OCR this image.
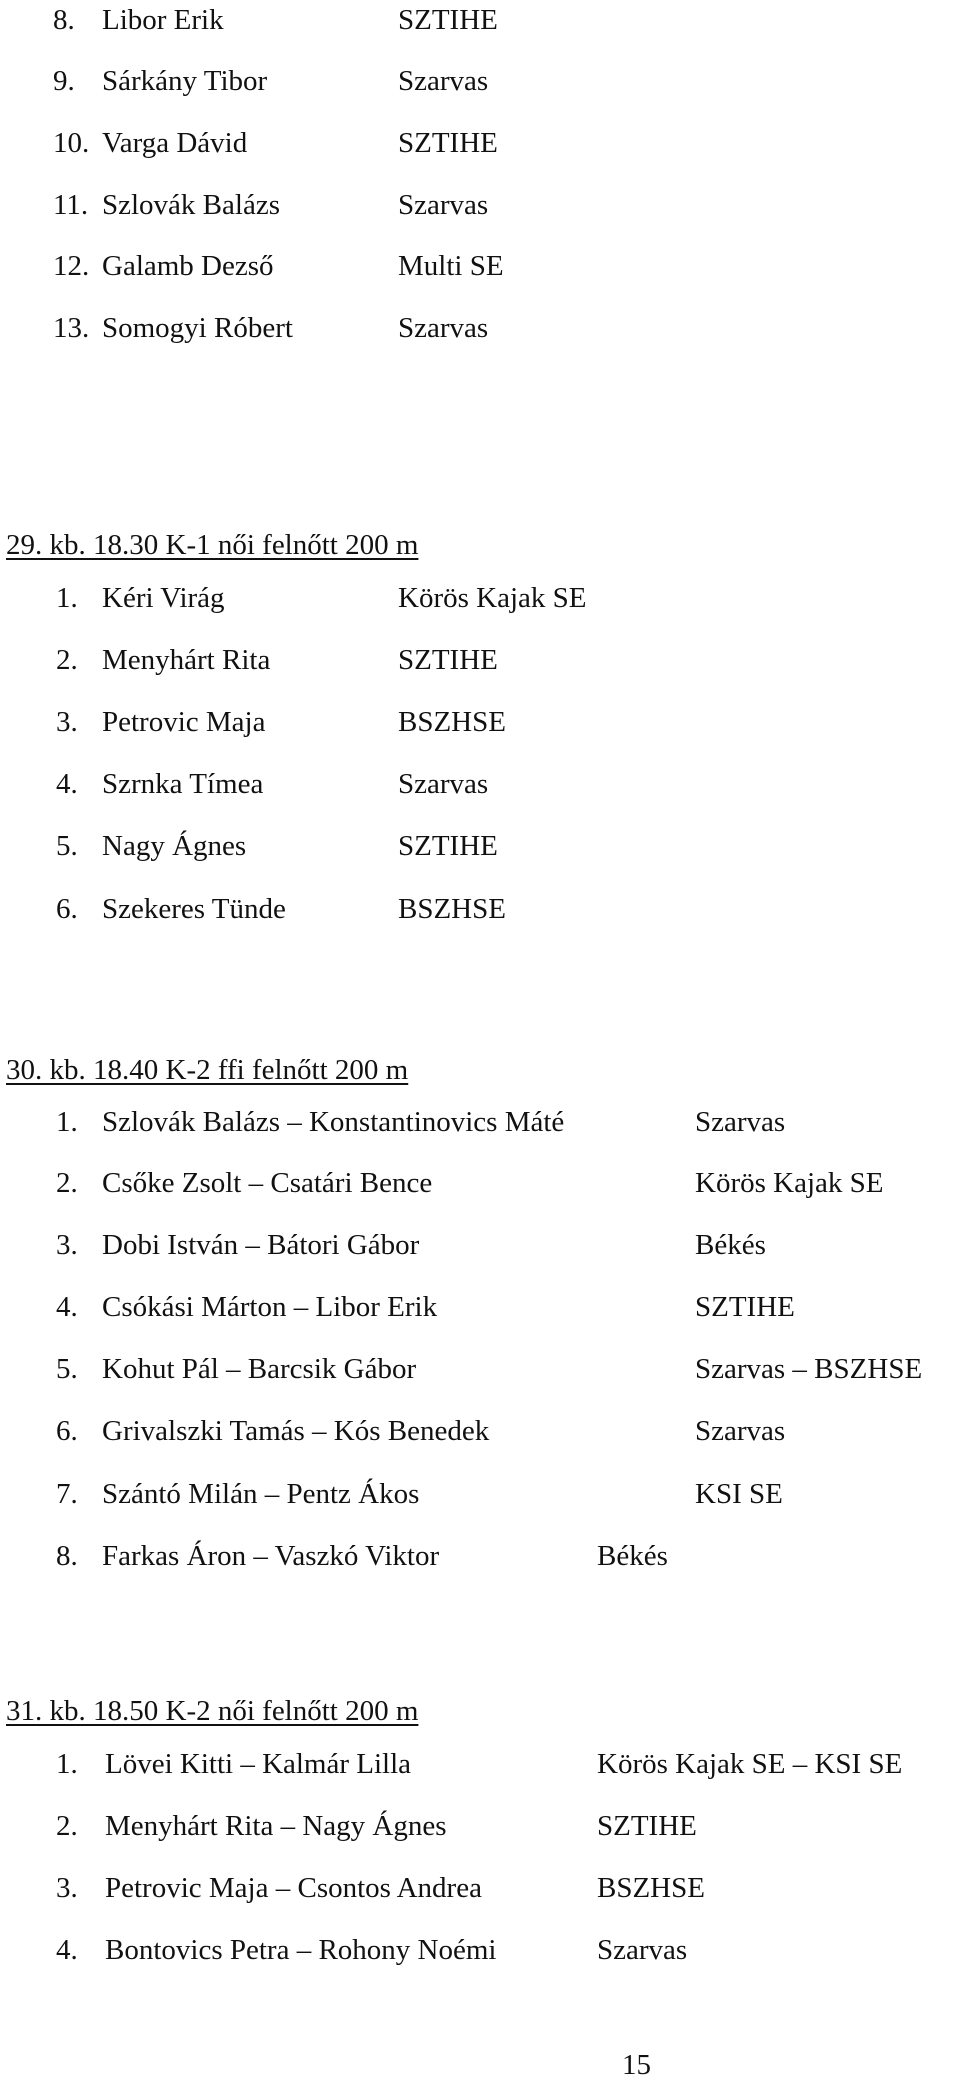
8. Libor Erik	SZTIHE
9. Sárkány Tibor	Szarvas
10. Varga Dávid	SZTIHE
11. Szlovák Balázs	Szarvas
12. Galamb Dezső	Multi SE
13. Somogyi Róbert	Szarvas
29. kb. 18.30 K-1 női felnőtt 200 m
1. Kéri Virág	Körös Kajak SE
2. Menyhárt Rita	SZTIHE
3. Petrovic Maja	BSZHSE
4. Szrnka Tímea	Szarvas
5. Nagy Ágnes	SZTIHE
6. Szekeres Tünde	BSZHSE
30. kb. 18.40 K-2 ffi felnőtt 200 m
1. Szlovák Balázs – Konstantinovics Máté	Szarvas
2. Csőke Zsolt – Csatári Bence	Körös Kajak SE
3. Dobi István – Bátori Gábor	Békés
4. Csókási Márton – Libor Erik	SZTIHE
5. Kohut Pál – Barcsik Gábor	Szarvas – BSZHSE
6. Grivalszki Tamás – Kós Benedek	Szarvas
7. Szántó Milán – Pentz Ákos	KSI SE
8. Farkas Áron – Vaszkó Viktor	Békés
31. kb. 18.50 K-2 női felnőtt 200 m
1. Lövei Kitti – Kalmár Lilla	Körös Kajak SE – KSI SE
2. Menyhárt Rita – Nagy Ágnes	SZTIHE
3. Petrovic Maja – Csontos Andrea	BSZHSE
4. Bontovics Petra – Rohony Noémi	Szarvas
15
